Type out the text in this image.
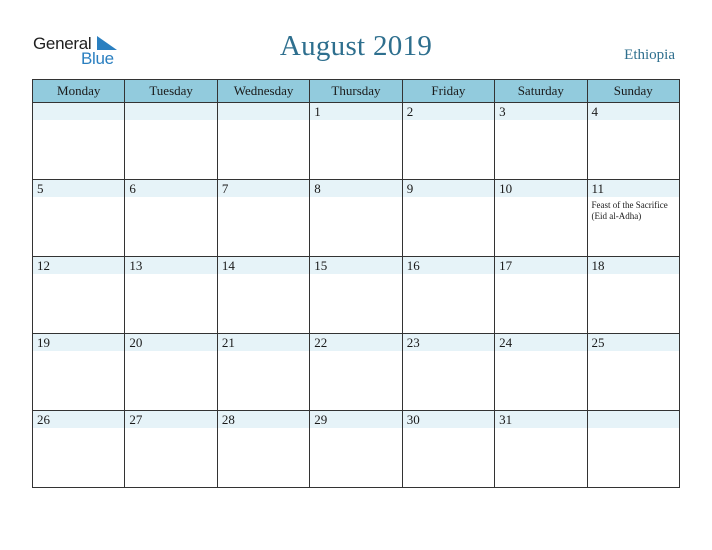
General
Blue	August 2019	Ethiopia
Monday	Tuesday	Wednesday	Thursday	Friday	Saturday	Sunday

			1	2	3	4

5	6	7	8	9	10	11
Feast of the Sacrifice (Eid al-Adha)

12	13	14	15	16	17	18

19	20	21	22	23	24	25

26	27	28	29	30	31	
